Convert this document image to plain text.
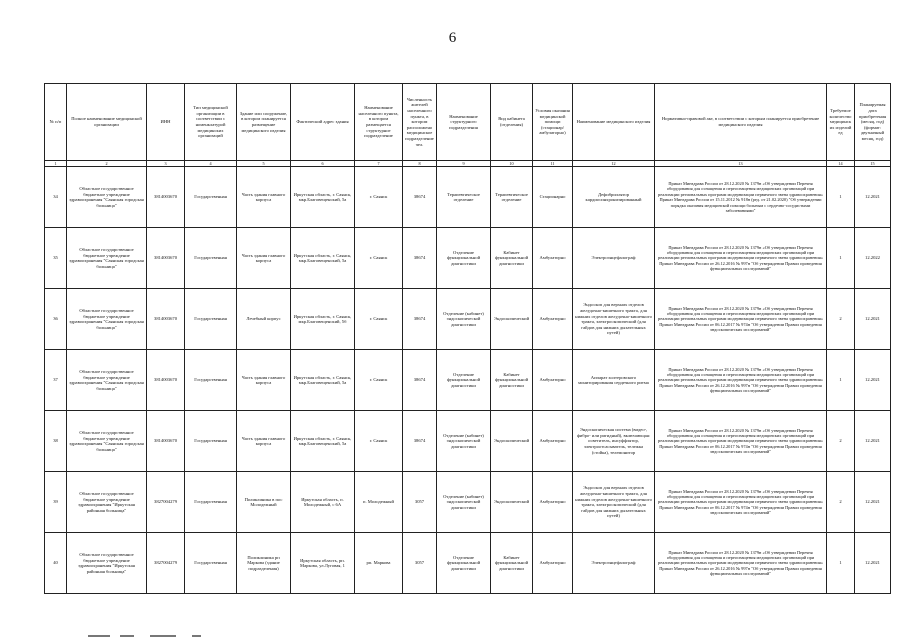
6
№ п/п	Полное наименование медицинской организации	ИНН	Тип медицинской организации в соответствии с номенклатурой медицинских организаций	Здание или сооружение, в котором планируется размещение медицинского изделия	Фактический адрес здания	Наименование населенного пункта, в котором размещается структурное подразделение	Численность жителей населенного пункта, в котором расположено медицинское подразделение чел.	Наименование структурного подразделения	Вид кабинета (отделения)	Условия оказания медицинской помощи (стационар/амбулаторно)	Наименование медицинского изделия	Нормативно-правовой акт, в соответствии с которым планируется приобретение медицинского изделия	Требуемое количество медицинских изделий ед	Планируемая дата приобретения (месяц, год) (формат: двузначный месяц, год)
1	2	3	4	5	6	7	8	9	10	11	12	13	14	15
34	Областное государственное бюджетное учреждение здравоохранения "Саянская городская больница"	3814003670	Государственная	Часть здания главного корпуса	Иркутская область, г. Саянск, мкр.Благовещенский, 5а	г. Саянск	38674	Терапевтическое отделение	Терапевтическое отделение	Стационарно	Дефибриллятор кардиосинхронизированный	Приказ Минздрава России от 28.12.2020 № 1379н «Об утверждении Перечня оборудования для оснащения и переоснащения медицинских организаций при реализации региональных программ модернизации первичного звена здравоохранения» Приказ Минздрава России от 15.11.2012 № 918н (ред. от 21.02.2020) "Об утверждении порядка оказания медицинской помощи больным с сердечно-сосудистыми заболеваниями"	1	12.2021
35	Областное государственное бюджетное учреждение здравоохранения "Саянская городская больница"	3814003670	Государственная	Часть здания главного корпуса	Иркутская область, г. Саянск, мкр.Благовещенский, 5а	г. Саянск	38674	Отделение функциональной диагностики	Кабинет функциональной диагностики	Амбулаторно	Электроэнцефалограф	Приказ Минздрава России от 28.12.2020 № 1379н «Об утверждении Перечня оборудования для оснащения и переоснащения медицинских организаций при реализации региональных программ модернизации первичного звена здравоохранения» Приказ Минздрава России от 26.12.2016 № 997н "Об утверждении Правил проведения функциональных исследований"	1	12.2022
36	Областное государственное бюджетное учреждение здравоохранения "Саянская городская больница"	3814003670	Государственная	Лечебный корпус	Иркутская область, г. Саянск, мкр.Благовещенский, 5б	г. Саянск	38674	Отделение (кабинет) эндоскопической диагностики	Эндоскопический	Амбулаторно	Эндоскоп для верхних отделов желудочно-кишечного тракта, для нижних отделов желудочно-кишечного тракта, электроскопический (для гайдов для нижних дыхательных путей)	Приказ Минздрава России от 28.12.2020 № 1379н «Об утверждении Перечня оборудования для оснащения и переоснащения медицинских организаций при реализации региональных программ модернизации первичного звена здравоохранения» Приказ Минздрава России от 06.12.2017 № 974н "Об утверждении Правил проведения эндоскопических исследований"	2	12.2021
37	Областное государственное бюджетное учреждение здравоохранения "Саянская городская больница"	3814003670	Государственная	Часть здания главного корпуса	Иркутская область, г. Саянск, мкр.Благовещенский, 5а	г. Саянск	38674	Отделение функциональной диагностики	Кабинет функциональной диагностики	Амбулаторно	Аппарат холтеровского мониторирования сердечного ритма	Приказ Минздрава России от 28.12.2020 № 1379н «Об утверждении Перечня оборудования для оснащения и переоснащения медицинских организаций при реализации региональных программ модернизации первичного звена здравоохранения» Приказ Минздрава России от 26.12.2016 № 997н "Об утверждении Правил проведения функциональных исследований"	1	12.2021
38	Областное государственное бюджетное учреждение здравоохранения "Саянская городская больница"	3814003670	Государственная	Часть здания главного корпуса	Иркутская область, г. Саянск, мкр.Благовещенский, 5а	г. Саянск	38674	Отделение (кабинет) эндоскопической диагностики	Эндоскопический	Амбулаторно	Эндоскопическая система (видео-, фибро- или ригидный), включающая: осветитель, инсуффлятор, электроотсасыватель, тележка (стойка), телемонитор	Приказ Минздрава России от 28.12.2020 № 1379н «Об утверждении Перечня оборудования для оснащения и переоснащения медицинских организаций при реализации региональных программ модернизации первичного звена здравоохранения» Приказ Минздрава России от 06.12.2017 № 974н "Об утверждении Правил проведения эндоскопических исследований"	2	12.2021
39	Областное государственное бюджетное учреждение здравоохранения "Иркутская районная больница"	3827004279	Государственная	Поликлиника в пос Молодежный	Иркутская область, п. Молодежный, с 6А	п. Молодежный	3057	Отделение (кабинет) эндоскопической диагностики	Эндоскопический	Амбулаторно	Эндоскоп для верхних отделов желудочно-кишечного тракта, для нижних отделов желудочно-кишечного тракта, электроскопический (для гайдов для нижних дыхательных путей)	Приказ Минздрава России от 28.12.2020 № 1379н «Об утверждении Перечня оборудования для оснащения и переоснащения медицинских организаций при реализации региональных программ модернизации первичного звена здравоохранения» Приказ Минздрава России от 06.12.2017 № 974н "Об утверждении Правил проведения эндоскопических исследований"	2	12.2021
40	Областное государственное бюджетное учреждение здравоохранения "Иркутская районная больница"	3827004279	Государственная	Поликлиника рп Маркова (здание подразделения)	Иркутская область, рп. Маркова, ул.Луговая, 1	рп. Маркова	3057	Отделение функциональной диагностики	Кабинет функциональной диагностики	Амбулаторно	Электроэнцефалограф	Приказ Минздрава России от 28.12.2020 № 1379н «Об утверждении Перечня оборудования для оснащения и переоснащения медицинских организаций при реализации региональных программ модернизации первичного звена здравоохранения» Приказ Минздрава России от 26.12.2016 № 997н "Об утверждении Правил проведения функциональных исследований"	1	12.2021
